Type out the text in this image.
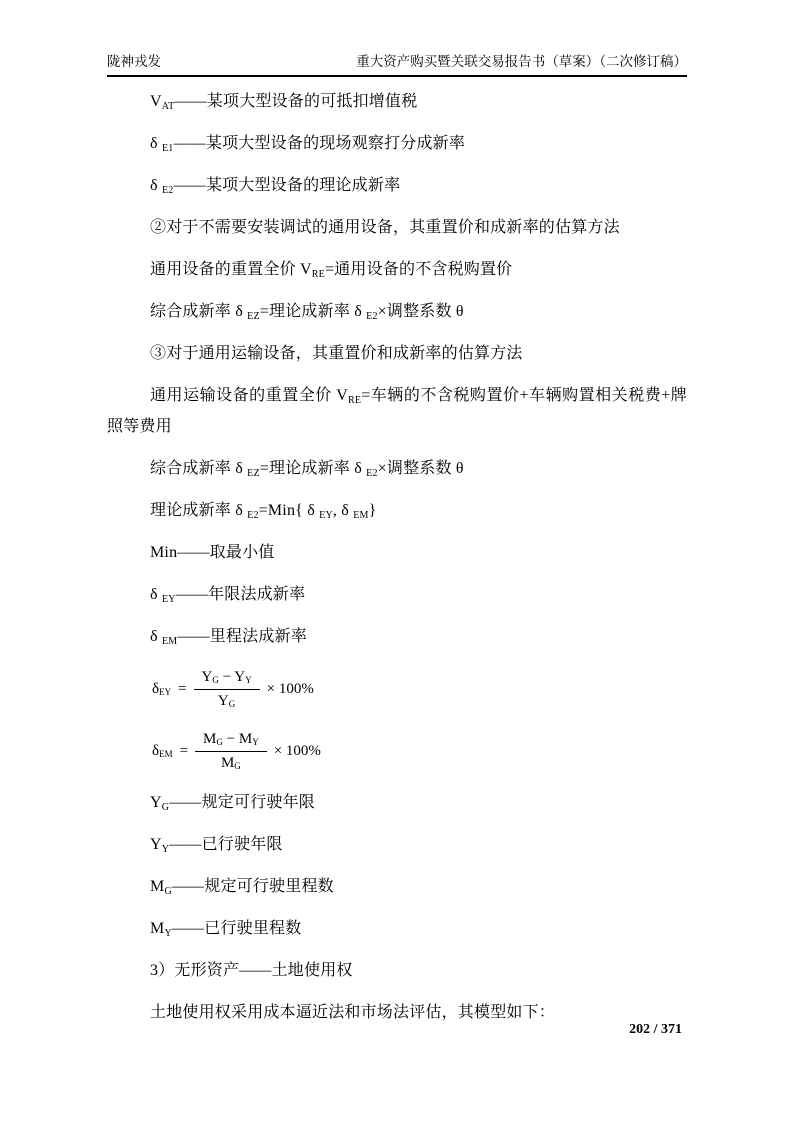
陇神戎发	重大资产购买暨关联交易报告书（草案）（二次修订稿）

$V_{AT}——$某项大型设备的可抵扣增值税

δ $_{E1}$——某项大型设备的现场观察打分成新率

δ $_{E2}$——某项大型设备的理论成新率

②对于不需要安装调试的通用设备，其重置价和成新率的估算方法

通用设备的重置全价 $V_{RE}=$通用设备的不含税购置价

综合成新率 δ $_{EZ}$=理论成新率 δ $_{E2}$×调整系数 θ

③对于通用运输设备，其重置价和成新率的估算方法

通用运输设备的重置全价 $V_{RE}=$车辆的不含税购置价+车辆购置相关税费+牌照等费用

综合成新率 δ $_{EZ}$=理论成新率 δ $_{E2}$×调整系数 θ

理论成新率 δ $_{E2}$=Min{ δ $_{EY}$, δ $_{EM}$}

Min——取最小值

δ $_{EY}$——年限法成新率

δ $_{EM}$——里程法成新率

$\delta_{EY} = \frac{Y_G - Y_Y}{Y_G} \times 100\%$
$\delta_{EM} = \frac{M_G - M_Y}{M_G} \times 100\%$

$Y_G——$规定可行驶年限

$Y_Y——$已行驶年限

$M_G——$规定可行驶里程数

$M_Y——$已行驶里程数

3）无形资产——土地使用权

土地使用权采用成本逼近法和市场法评估，其模型如下：

202 / 371
